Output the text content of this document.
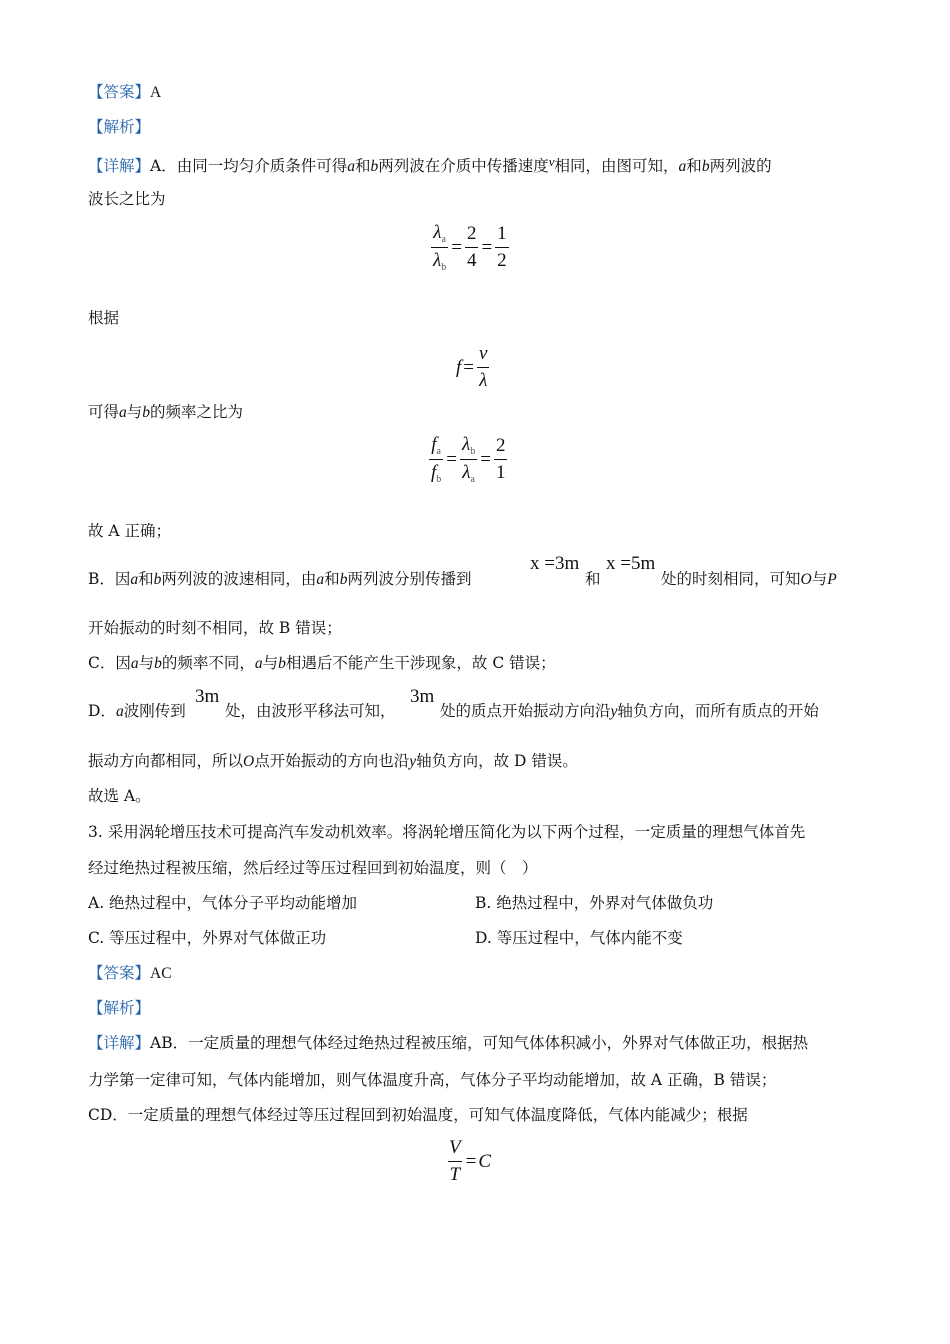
【答案】A
【解析】
【详解】A．由同一均匀介质条件可得a和b两列波在介质中传播速度$^v$相同，由图可知，a和b两列波的
波长之比为
$\frac{\lambda_a}{\lambda_b} = \frac{2}{4} = \frac{1}{2}$
根据
$f = \frac{v}{\lambda}$
可得a与b的频率之比为
$\frac{f_a}{f_b} = \frac{\lambda_b}{\lambda_a} = \frac{2}{1}$
故 A 正确；
B．因a和b两列波的波速相同，由a和b两列波分别传播到
x =3m
和
x =5m
处的时刻相同，可知O与P
开始振动的时刻不相同，故 B 错误；
C．因a与b的频率不同，a与b相遇后不能产生干涉现象，故 C 错误；
D．a波刚传到
3m
处，由波形平移法可知，
3m
处的质点开始振动方向沿y轴负方向，而所有质点的开始
振动方向都相同，所以O点开始振动的方向也沿y轴负方向，故 D 错误。
故选 A。
3. 采用涡轮增压技术可提高汽车发动机效率。将涡轮增压简化为以下两个过程，一定质量的理想气体首先
经过绝热过程被压缩，然后经过等压过程回到初始温度，则（　）
A. 绝热过程中，气体分子平均动能增加	B. 绝热过程中，外界对气体做负功
C. 等压过程中，外界对气体做正功	D. 等压过程中，气体内能不变
【答案】AC
【解析】
【详解】AB．一定质量的理想气体经过绝热过程被压缩，可知气体体积减小，外界对气体做正功，根据热
力学第一定律可知，气体内能增加，则气体温度升高，气体分子平均动能增加，故 A 正确，B 错误；
CD．一定质量的理想气体经过等压过程回到初始温度，可知气体温度降低，气体内能减少；根据
$\frac{V}{T} = C$
